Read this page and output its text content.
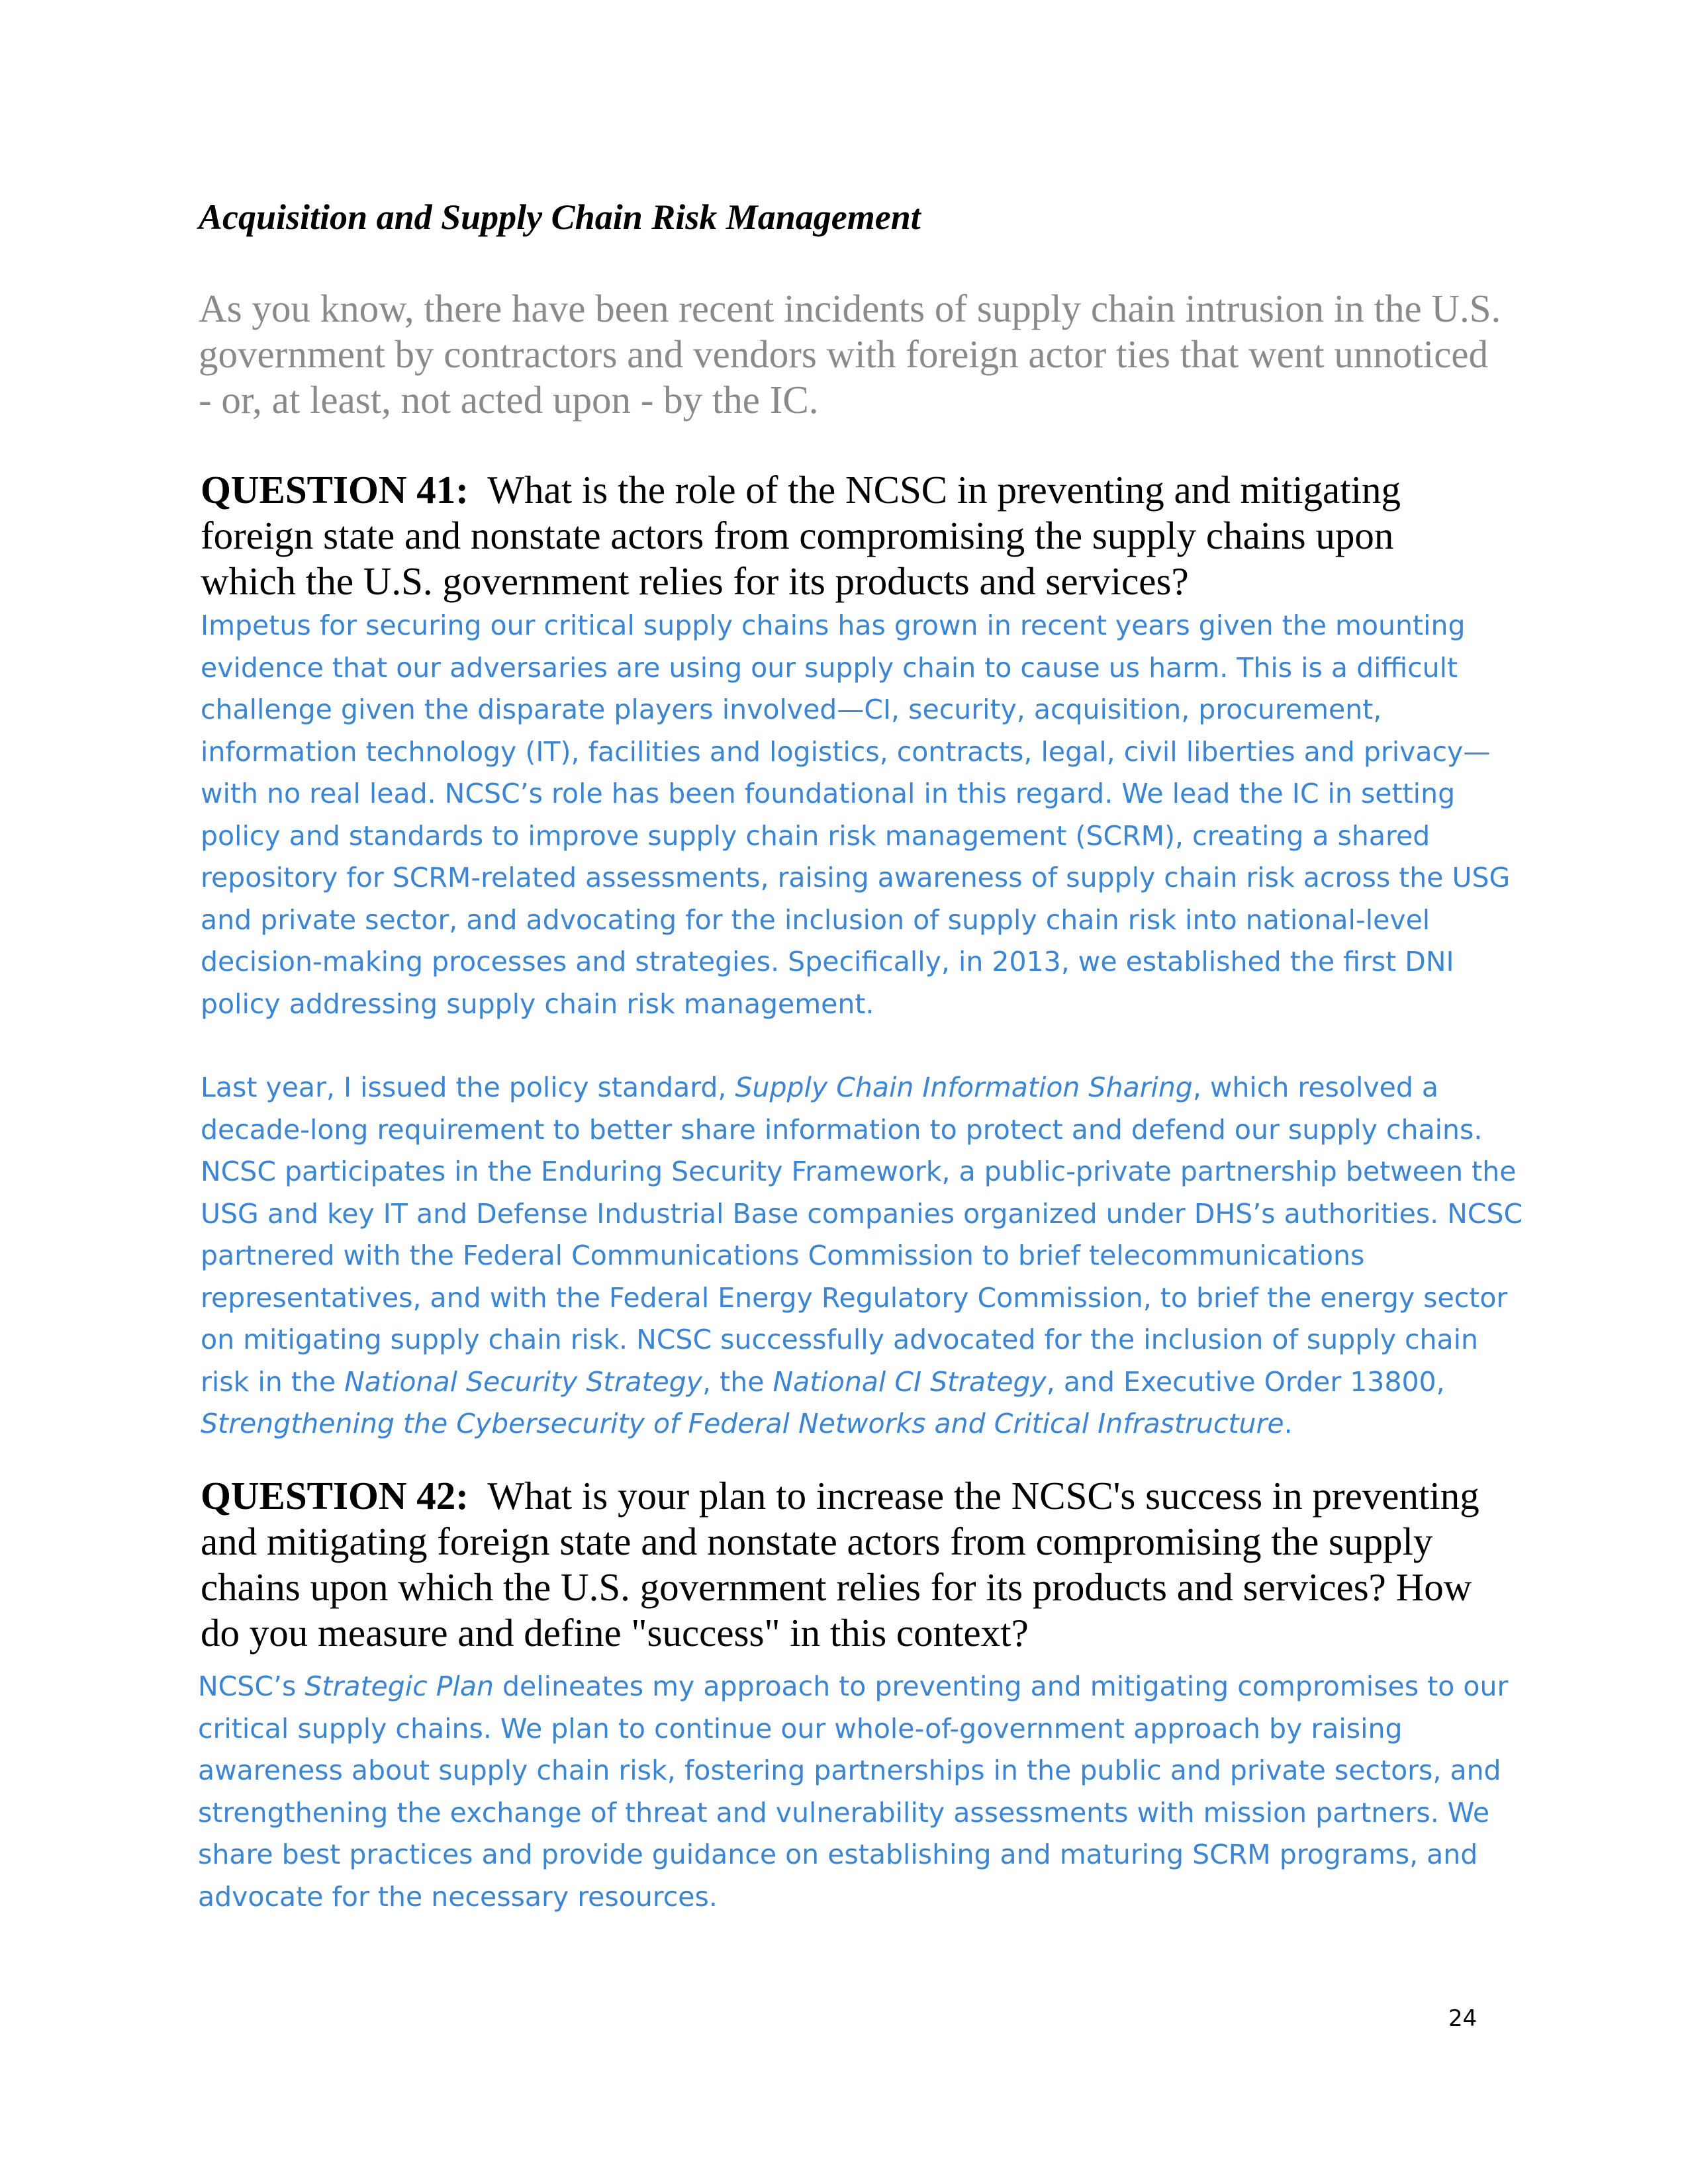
Acquisition and Supply Chain Risk Management

As you know, there have been recent incidents of supply chain intrusion in the U.S. government by contractors and vendors with foreign actor ties that went unnoticed - or, at least, not acted upon - by the IC.

QUESTION 41: What is the role of the NCSC in preventing and mitigating foreign state and nonstate actors from compromising the supply chains upon which the U.S. government relies for its products and services?

Impetus for securing our critical supply chains has grown in recent years given the mounting evidence that our adversaries are using our supply chain to cause us harm. This is a difficult challenge given the disparate players involved—CI, security, acquisition, procurement, information technology (IT), facilities and logistics, contracts, legal, civil liberties and privacy—with no real lead. NCSC’s role has been foundational in this regard. We lead the IC in setting policy and standards to improve supply chain risk management (SCRM), creating a shared repository for SCRM-related assessments, raising awareness of supply chain risk across the USG and private sector, and advocating for the inclusion of supply chain risk into national-level decision-making processes and strategies. Specifically, in 2013, we established the first DNI policy addressing supply chain risk management.

Last year, I issued the policy standard, Supply Chain Information Sharing, which resolved a decade-long requirement to better share information to protect and defend our supply chains. NCSC participates in the Enduring Security Framework, a public-private partnership between the USG and key IT and Defense Industrial Base companies organized under DHS’s authorities. NCSC partnered with the Federal Communications Commission to brief telecommunications representatives, and with the Federal Energy Regulatory Commission, to brief the energy sector on mitigating supply chain risk. NCSC successfully advocated for the inclusion of supply chain risk in the National Security Strategy, the National CI Strategy, and Executive Order 13800, Strengthening the Cybersecurity of Federal Networks and Critical Infrastructure.

QUESTION 42: What is your plan to increase the NCSC's success in preventing and mitigating foreign state and nonstate actors from compromising the supply chains upon which the U.S. government relies for its products and services? How do you measure and define "success" in this context?

NCSC’s Strategic Plan delineates my approach to preventing and mitigating compromises to our critical supply chains. We plan to continue our whole-of-government approach by raising awareness about supply chain risk, fostering partnerships in the public and private sectors, and strengthening the exchange of threat and vulnerability assessments with mission partners. We share best practices and provide guidance on establishing and maturing SCRM programs, and advocate for the necessary resources.

24
